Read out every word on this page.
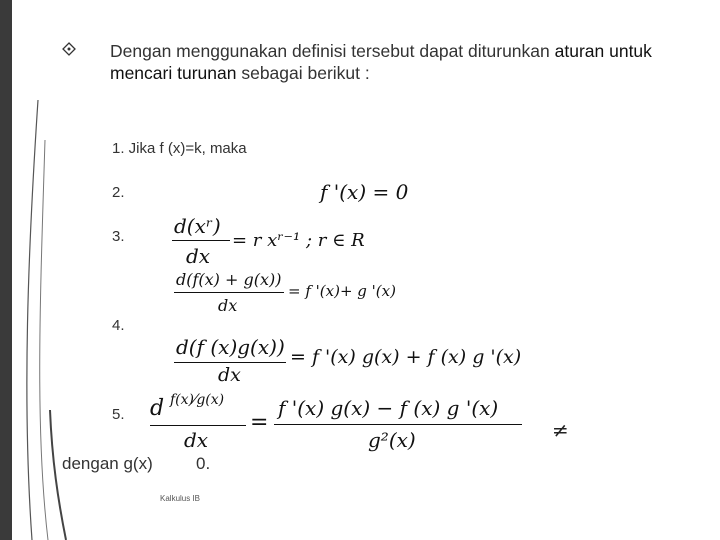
Dengan menggunakan definisi tersebut dapat diturunkan aturan untuk mencari turunan sebagai berikut :
1. Jika f (x)=k, maka
f '(x) = 0
2.
d(xʳ)
dx
= r xʳ⁻¹ ; r ∈ R
3.
d(f(x) + g(x))
dx
= f '(x)+ g '(x)
4.
d(f (x)g(x))
dx
= f '(x) g(x) + f (x) g '(x)
5. d f(x)⁄g(x)
dx
=
f '(x) g(x) − f (x) g '(x)
g²(x)	≠
dengan g(x)	0.
Kalkulus IB
